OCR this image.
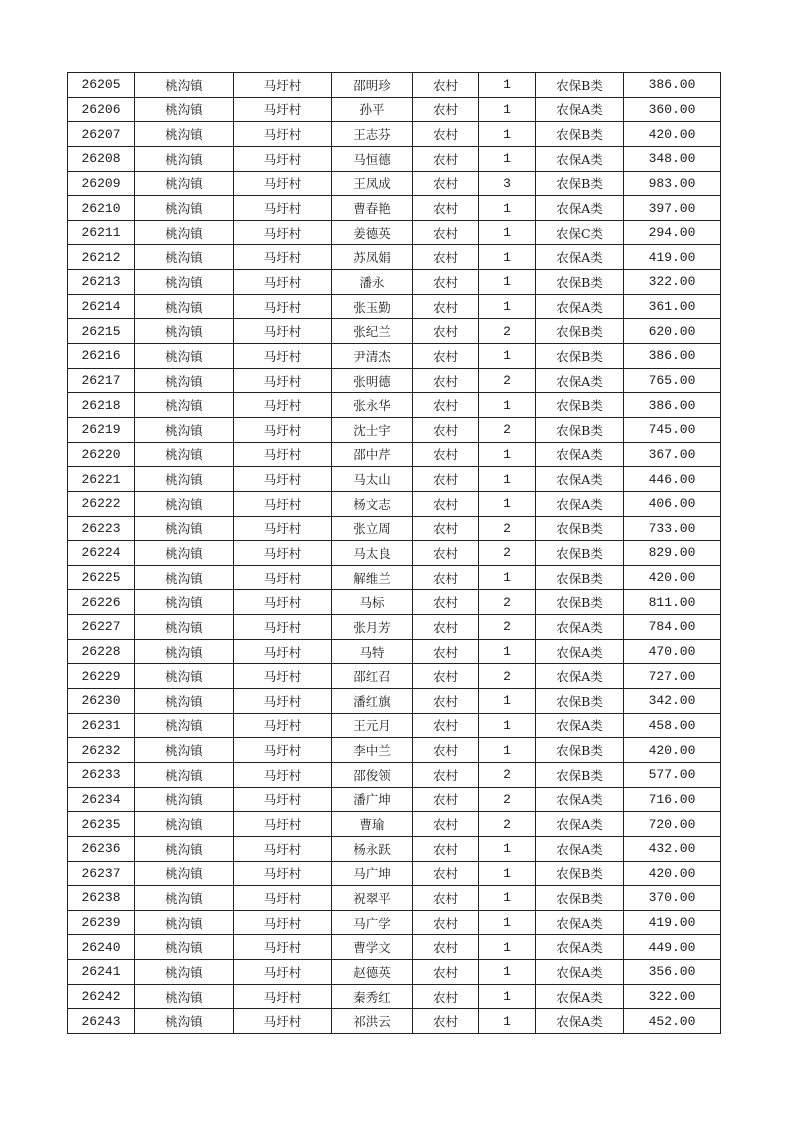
26205	桃沟镇	马圩村	邵明珍	农村	1	农保B类	386.00
26206	桃沟镇	马圩村	孙平	农村	1	农保A类	360.00
26207	桃沟镇	马圩村	王志芬	农村	1	农保B类	420.00
26208	桃沟镇	马圩村	马恒德	农村	1	农保A类	348.00
26209	桃沟镇	马圩村	王凤成	农村	3	农保B类	983.00
26210	桃沟镇	马圩村	曹春艳	农村	1	农保A类	397.00
26211	桃沟镇	马圩村	姜德英	农村	1	农保C类	294.00
26212	桃沟镇	马圩村	苏凤娟	农村	1	农保A类	419.00
26213	桃沟镇	马圩村	潘永	农村	1	农保B类	322.00
26214	桃沟镇	马圩村	张玉勤	农村	1	农保A类	361.00
26215	桃沟镇	马圩村	张纪兰	农村	2	农保B类	620.00
26216	桃沟镇	马圩村	尹清杰	农村	1	农保B类	386.00
26217	桃沟镇	马圩村	张明德	农村	2	农保A类	765.00
26218	桃沟镇	马圩村	张永华	农村	1	农保B类	386.00
26219	桃沟镇	马圩村	沈士宇	农村	2	农保B类	745.00
26220	桃沟镇	马圩村	邵中芹	农村	1	农保A类	367.00
26221	桃沟镇	马圩村	马太山	农村	1	农保A类	446.00
26222	桃沟镇	马圩村	杨文志	农村	1	农保A类	406.00
26223	桃沟镇	马圩村	张立周	农村	2	农保B类	733.00
26224	桃沟镇	马圩村	马太良	农村	2	农保B类	829.00
26225	桃沟镇	马圩村	解维兰	农村	1	农保B类	420.00
26226	桃沟镇	马圩村	马标	农村	2	农保B类	811.00
26227	桃沟镇	马圩村	张月芳	农村	2	农保A类	784.00
26228	桃沟镇	马圩村	马特	农村	1	农保A类	470.00
26229	桃沟镇	马圩村	邵红召	农村	2	农保A类	727.00
26230	桃沟镇	马圩村	潘红旗	农村	1	农保B类	342.00
26231	桃沟镇	马圩村	王元月	农村	1	农保A类	458.00
26232	桃沟镇	马圩村	李中兰	农村	1	农保B类	420.00
26233	桃沟镇	马圩村	邵俊领	农村	2	农保B类	577.00
26234	桃沟镇	马圩村	潘广坤	农村	2	农保A类	716.00
26235	桃沟镇	马圩村	曹瑜	农村	2	农保A类	720.00
26236	桃沟镇	马圩村	杨永跃	农村	1	农保A类	432.00
26237	桃沟镇	马圩村	马广坤	农村	1	农保B类	420.00
26238	桃沟镇	马圩村	祝翠平	农村	1	农保B类	370.00
26239	桃沟镇	马圩村	马广学	农村	1	农保A类	419.00
26240	桃沟镇	马圩村	曹学文	农村	1	农保A类	449.00
26241	桃沟镇	马圩村	赵德英	农村	1	农保A类	356.00
26242	桃沟镇	马圩村	秦秀红	农村	1	农保A类	322.00
26243	桃沟镇	马圩村	祁洪云	农村	1	农保A类	452.00
